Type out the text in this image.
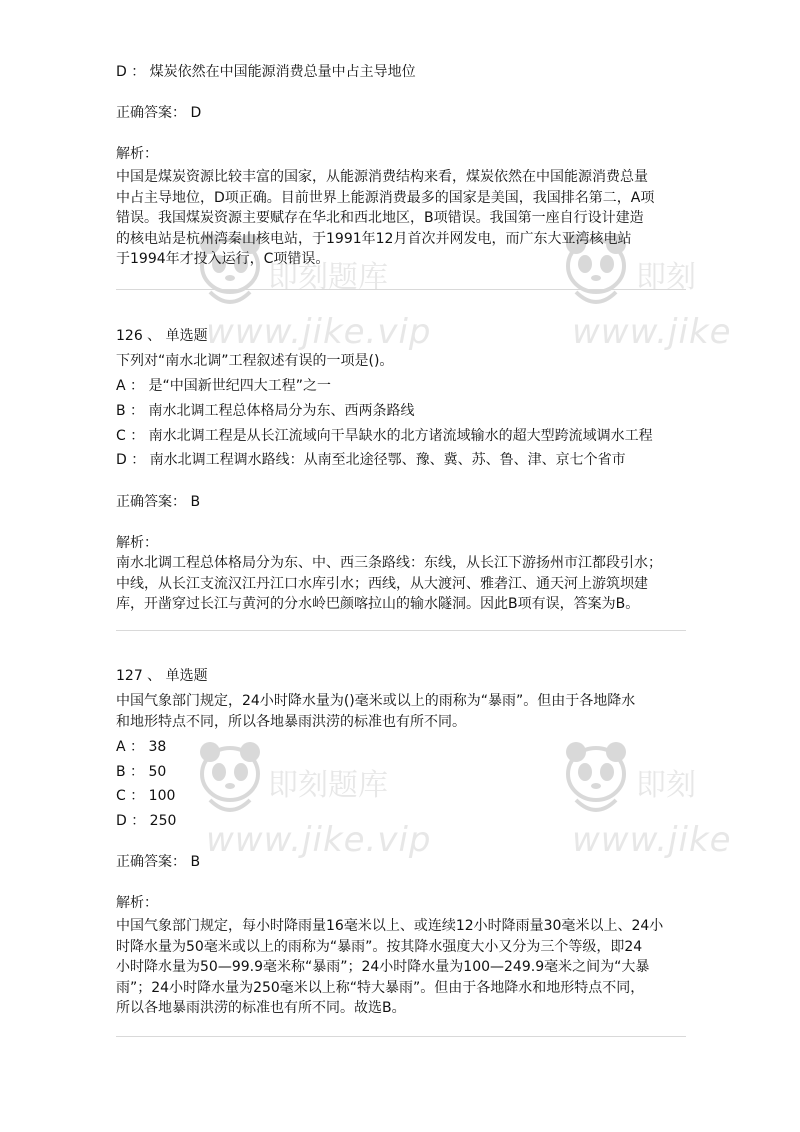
即刻题库
www.jike.vip
即刻
www.jike
即刻题库
www.jike.vip
即刻
www.jike
D ： 煤炭依然在中国能源消费总量中占主导地位
正确答案： D
解析：
中国是煤炭资源比较丰富的国家，从能源消费结构来看，煤炭依然在中国能源消费总量
中占主导地位，D项正确。目前世界上能源消费最多的国家是美国，我国排名第二，A项
错误。我国煤炭资源主要赋存在华北和西北地区，B项错误。我国第一座自行设计建造
的核电站是杭州湾秦山核电站，于1991年12月首次并网发电，而广东大亚湾核电站
于1994年才投入运行，C项错误。
126 、 单选题
下列对“南水北调”工程叙述有误的一项是()。
A ： 是“中国新世纪四大工程”之一
B ： 南水北调工程总体格局分为东、西两条路线
C ： 南水北调工程是从长江流域向干旱缺水的北方诸流域输水的超大型跨流域调水工程
D ： 南水北调工程调水路线：从南至北途径鄂、豫、冀、苏、鲁、津、京七个省市
正确答案： B
解析：
南水北调工程总体格局分为东、中、西三条路线：东线，从长江下游扬州市江都段引水；
中线，从长江支流汉江丹江口水库引水；西线，从大渡河、雅砻江、通天河上游筑坝建
库，开凿穿过长江与黄河的分水岭巴颜喀拉山的输水隧洞。因此B项有误，答案为B。
127 、 单选题
中国气象部门规定，24小时降水量为()毫米或以上的雨称为“暴雨”。但由于各地降水
和地形特点不同，所以各地暴雨洪涝的标准也有所不同。
A ： 38
B ： 50
C ： 100
D ： 250
正确答案： B
解析：
中国气象部门规定，每小时降雨量16毫米以上、或连续12小时降雨量30毫米以上、24小
时降水量为50毫米或以上的雨称为“暴雨”。按其降水强度大小又分为三个等级，即24
小时降水量为50—99.9毫米称“暴雨”；24小时降水量为100—249.9毫米之间为“大暴
雨”；24小时降水量为250毫米以上称“特大暴雨”。但由于各地降水和地形特点不同，
所以各地暴雨洪涝的标准也有所不同。故选B。
